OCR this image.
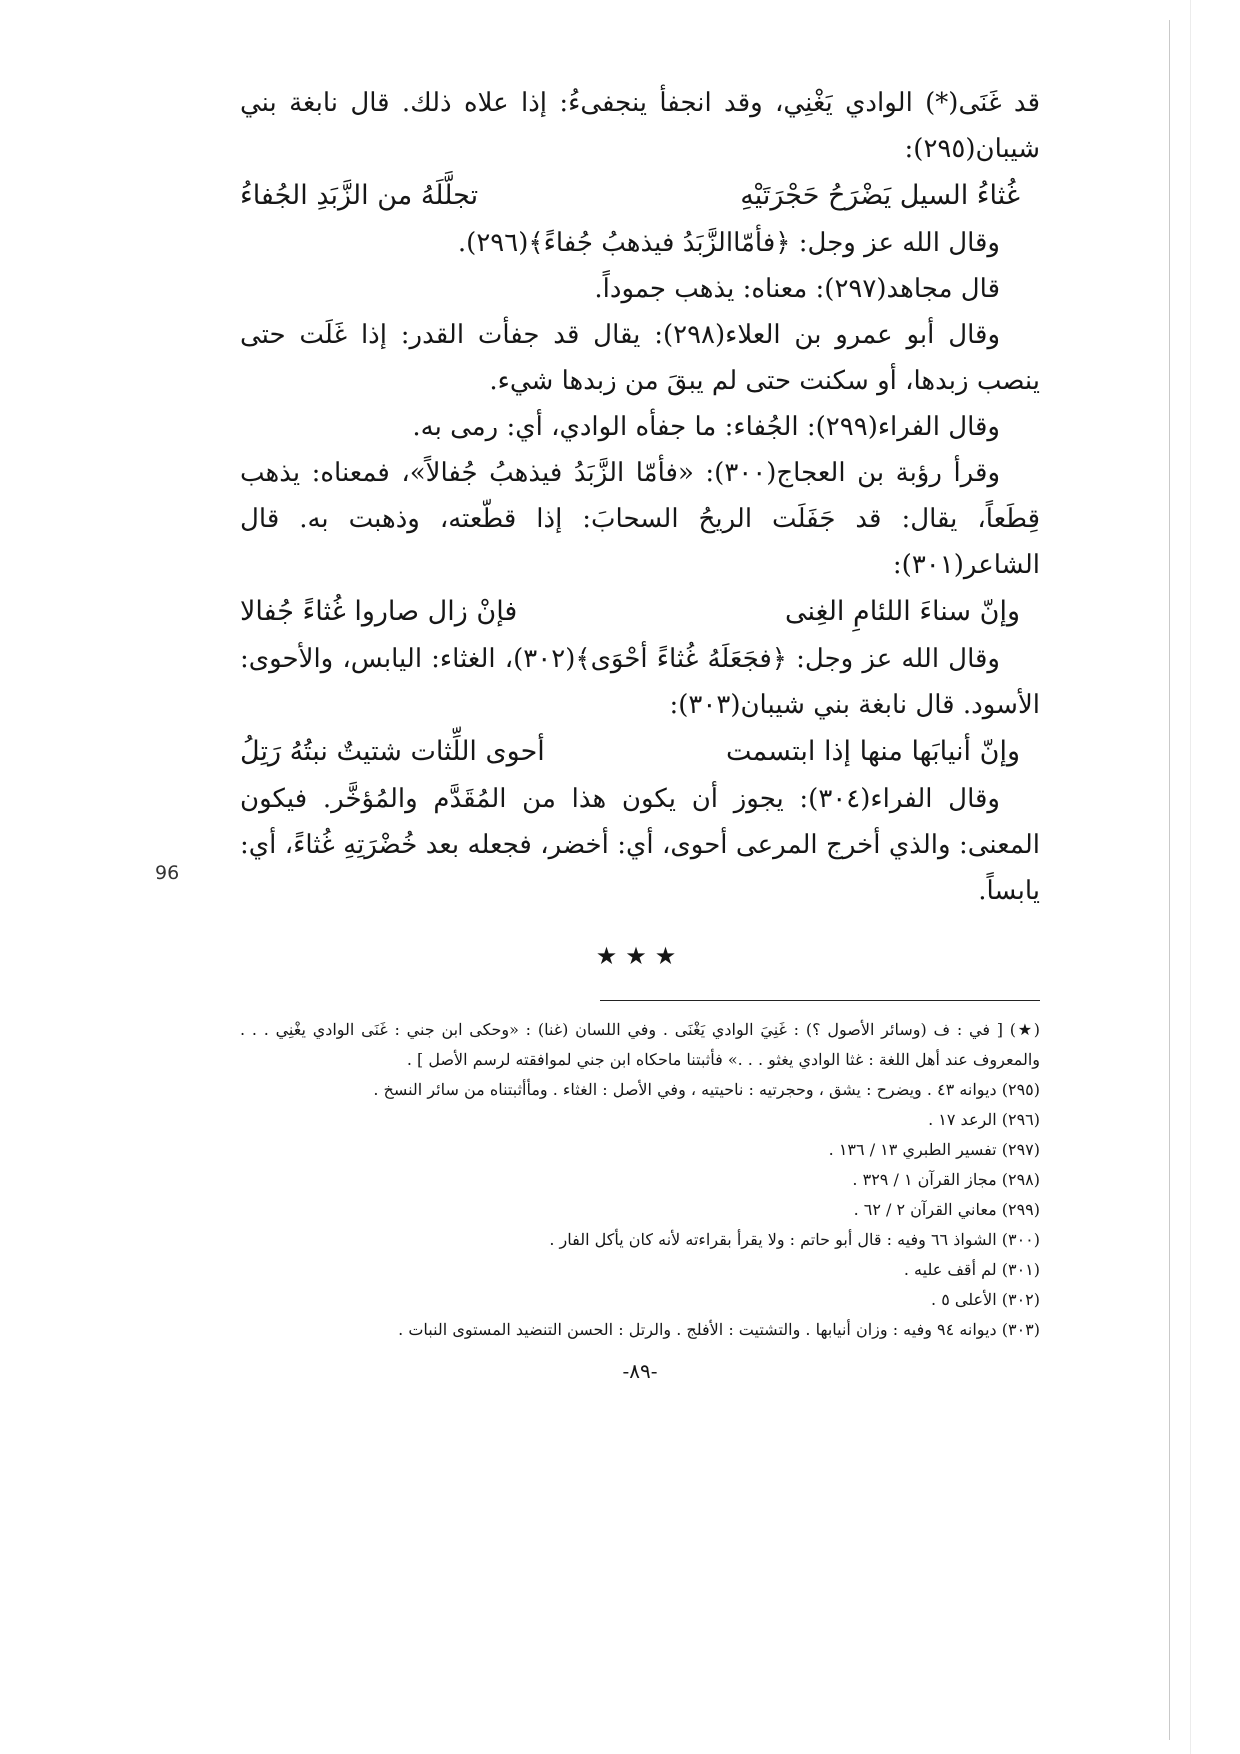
96

قد غَنَى(*) الوادي يَغْنِي، وقد انجفأ ينجفىءُ: إذا علاه ذلك. قال نابغة بني شيبان(٢٩٥):

غُثاءُ السيل يَضْرَحُ حَجْرَتَيْهِ
تجلَّلَهُ من الزَّبَدِ الجُفاءُ

وقال الله عز وجل: ﴿فأمّاالزَّبَدُ فيذهبُ جُفاءً﴾(٢٩٦).

قال مجاهد(٢٩٧): معناه: يذهب جموداً.

وقال أبو عمرو بن العلاء(٢٩٨): يقال قد جفأت القدر: إذا غَلَت حتى ينصب زبدها، أو سكنت حتى لم يبقَ من زبدها شيء.

وقال الفراء(٢٩٩): الجُفاء: ما جفأه الوادي، أي: رمى به.

وقرأ رؤبة بن العجاج(٣٠٠): «فأمّا الزَّبَدُ فيذهبُ جُفالاً»، فمعناه: يذهب قِطَعاً، يقال: قد جَفَلَت الريحُ السحابَ: إذا قطّعته، وذهبت به. قال الشاعر(٣٠١):

وإنّ سناءَ اللئامِ الغِنى
فإنْ زال صاروا غُثاءً جُفالا

وقال الله عز وجل: ﴿فجَعَلَهُ غُثاءً أحْوَى﴾(٣٠٢)، الغثاء: اليابس، والأحوى: الأسود. قال نابغة بني شيبان(٣٠٣):

وإنّ أنيابَها منها إذا ابتسمت
أحوى اللِّثات شتيتٌ نبتُهُ رَتِلُ

وقال الفراء(٣٠٤): يجوز أن يكون هذا من المُقَدَّم والمُؤخَّر. فيكون المعنى: والذي أخرج المرعى أحوى، أي: أخضر، فجعله بعد خُضْرَتِهِ غُثاءً، أي: يابساً.

★★★

(★) [ في : ف (وسائر الأصول ؟) : غَنِيَ الوادي يَغْنَى . وفي اللسان (غنا) : «وحكى ابن جني : غَنَى الوادي يغْنِي . . . والمعروف عند أهل اللغة : غثا الوادي يغثو . . .» فأثبتنا ماحكاه ابن جني لموافقته لرسم الأصل ] .

(٢٩٥) ديوانه ٤٣ . ويضرح : يشق ، وحجرتيه : ناحيتيه ، وفي الأصل : الغثاء . ومأأثبتناه من سائر النسخ .

(٢٩٦) الرعد ١٧ .

(٢٩٧) تفسير الطبري ١٣ / ١٣٦ .

(٢٩٨) مجاز القرآن ١ / ٣٢٩ .

(٢٩٩) معاني القرآن ٢ / ٦٢ .

(٣٠٠) الشواذ ٦٦ وفيه : قال أبو حاتم : ولا يقرأ بقراءته لأنه كان يأكل الفار .

(٣٠١) لم أقف عليه .

(٣٠٢) الأعلى ٥ .

(٣٠٣) ديوانه ٩٤ وفيه : وزان أنيابها . والتشتيت : الأفلج . والرتل : الحسن التنضيد المستوى النبات .

-٨٩-
